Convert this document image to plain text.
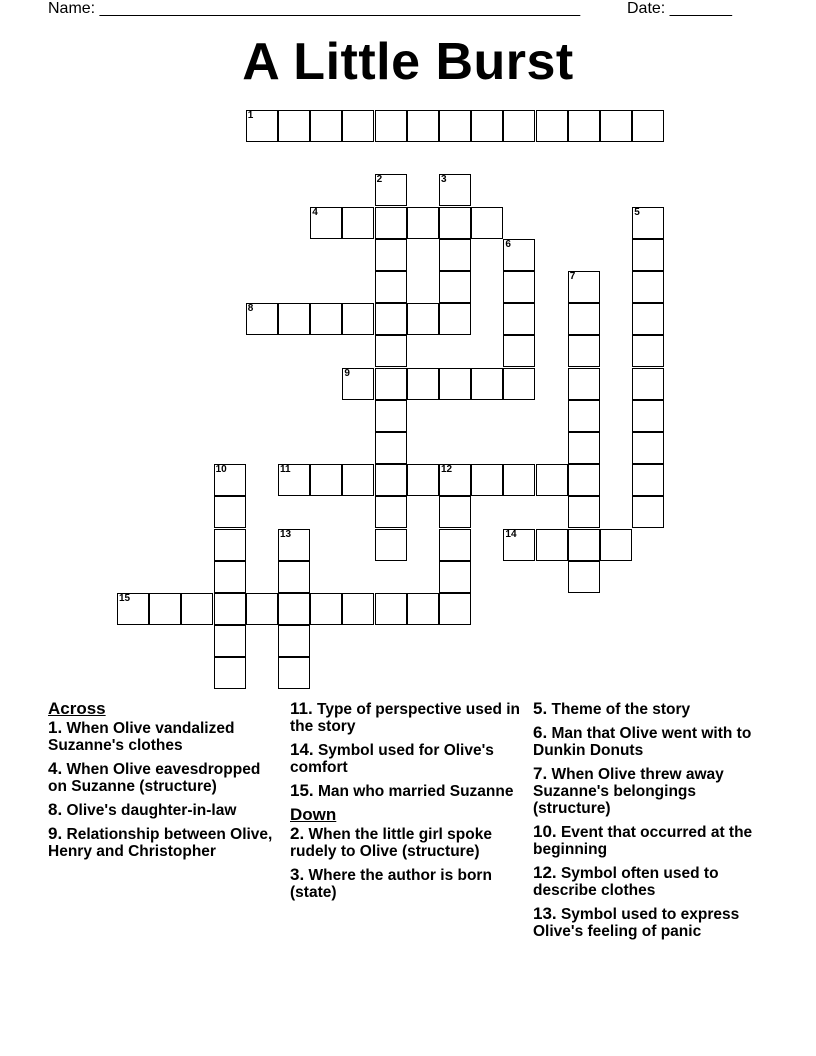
Name: ______________________________________________________	Date: _______
A Little Burst
1
4
8
9
11	12
14
15
2	3
5
6
7
10
13
Across
1. When Olive vandalized Suzanne's clothes
4. When Olive eavesdropped on Suzanne (structure)
8. Olive's daughter-in-law
9. Relationship between Olive, Henry and Christopher
11. Type of perspective used in the story
14. Symbol used for Olive's comfort
15. Man who married Suzanne
Down
2. When the little girl spoke rudely to Olive (structure)
3. Where the author is born (state)
5. Theme of the story
6. Man that Olive went with to Dunkin Donuts
7. When Olive threw away Suzanne's belongings (structure)
10. Event that occurred at the beginning
12. Symbol often used to describe clothes
13. Symbol used to express Olive's feeling of panic
